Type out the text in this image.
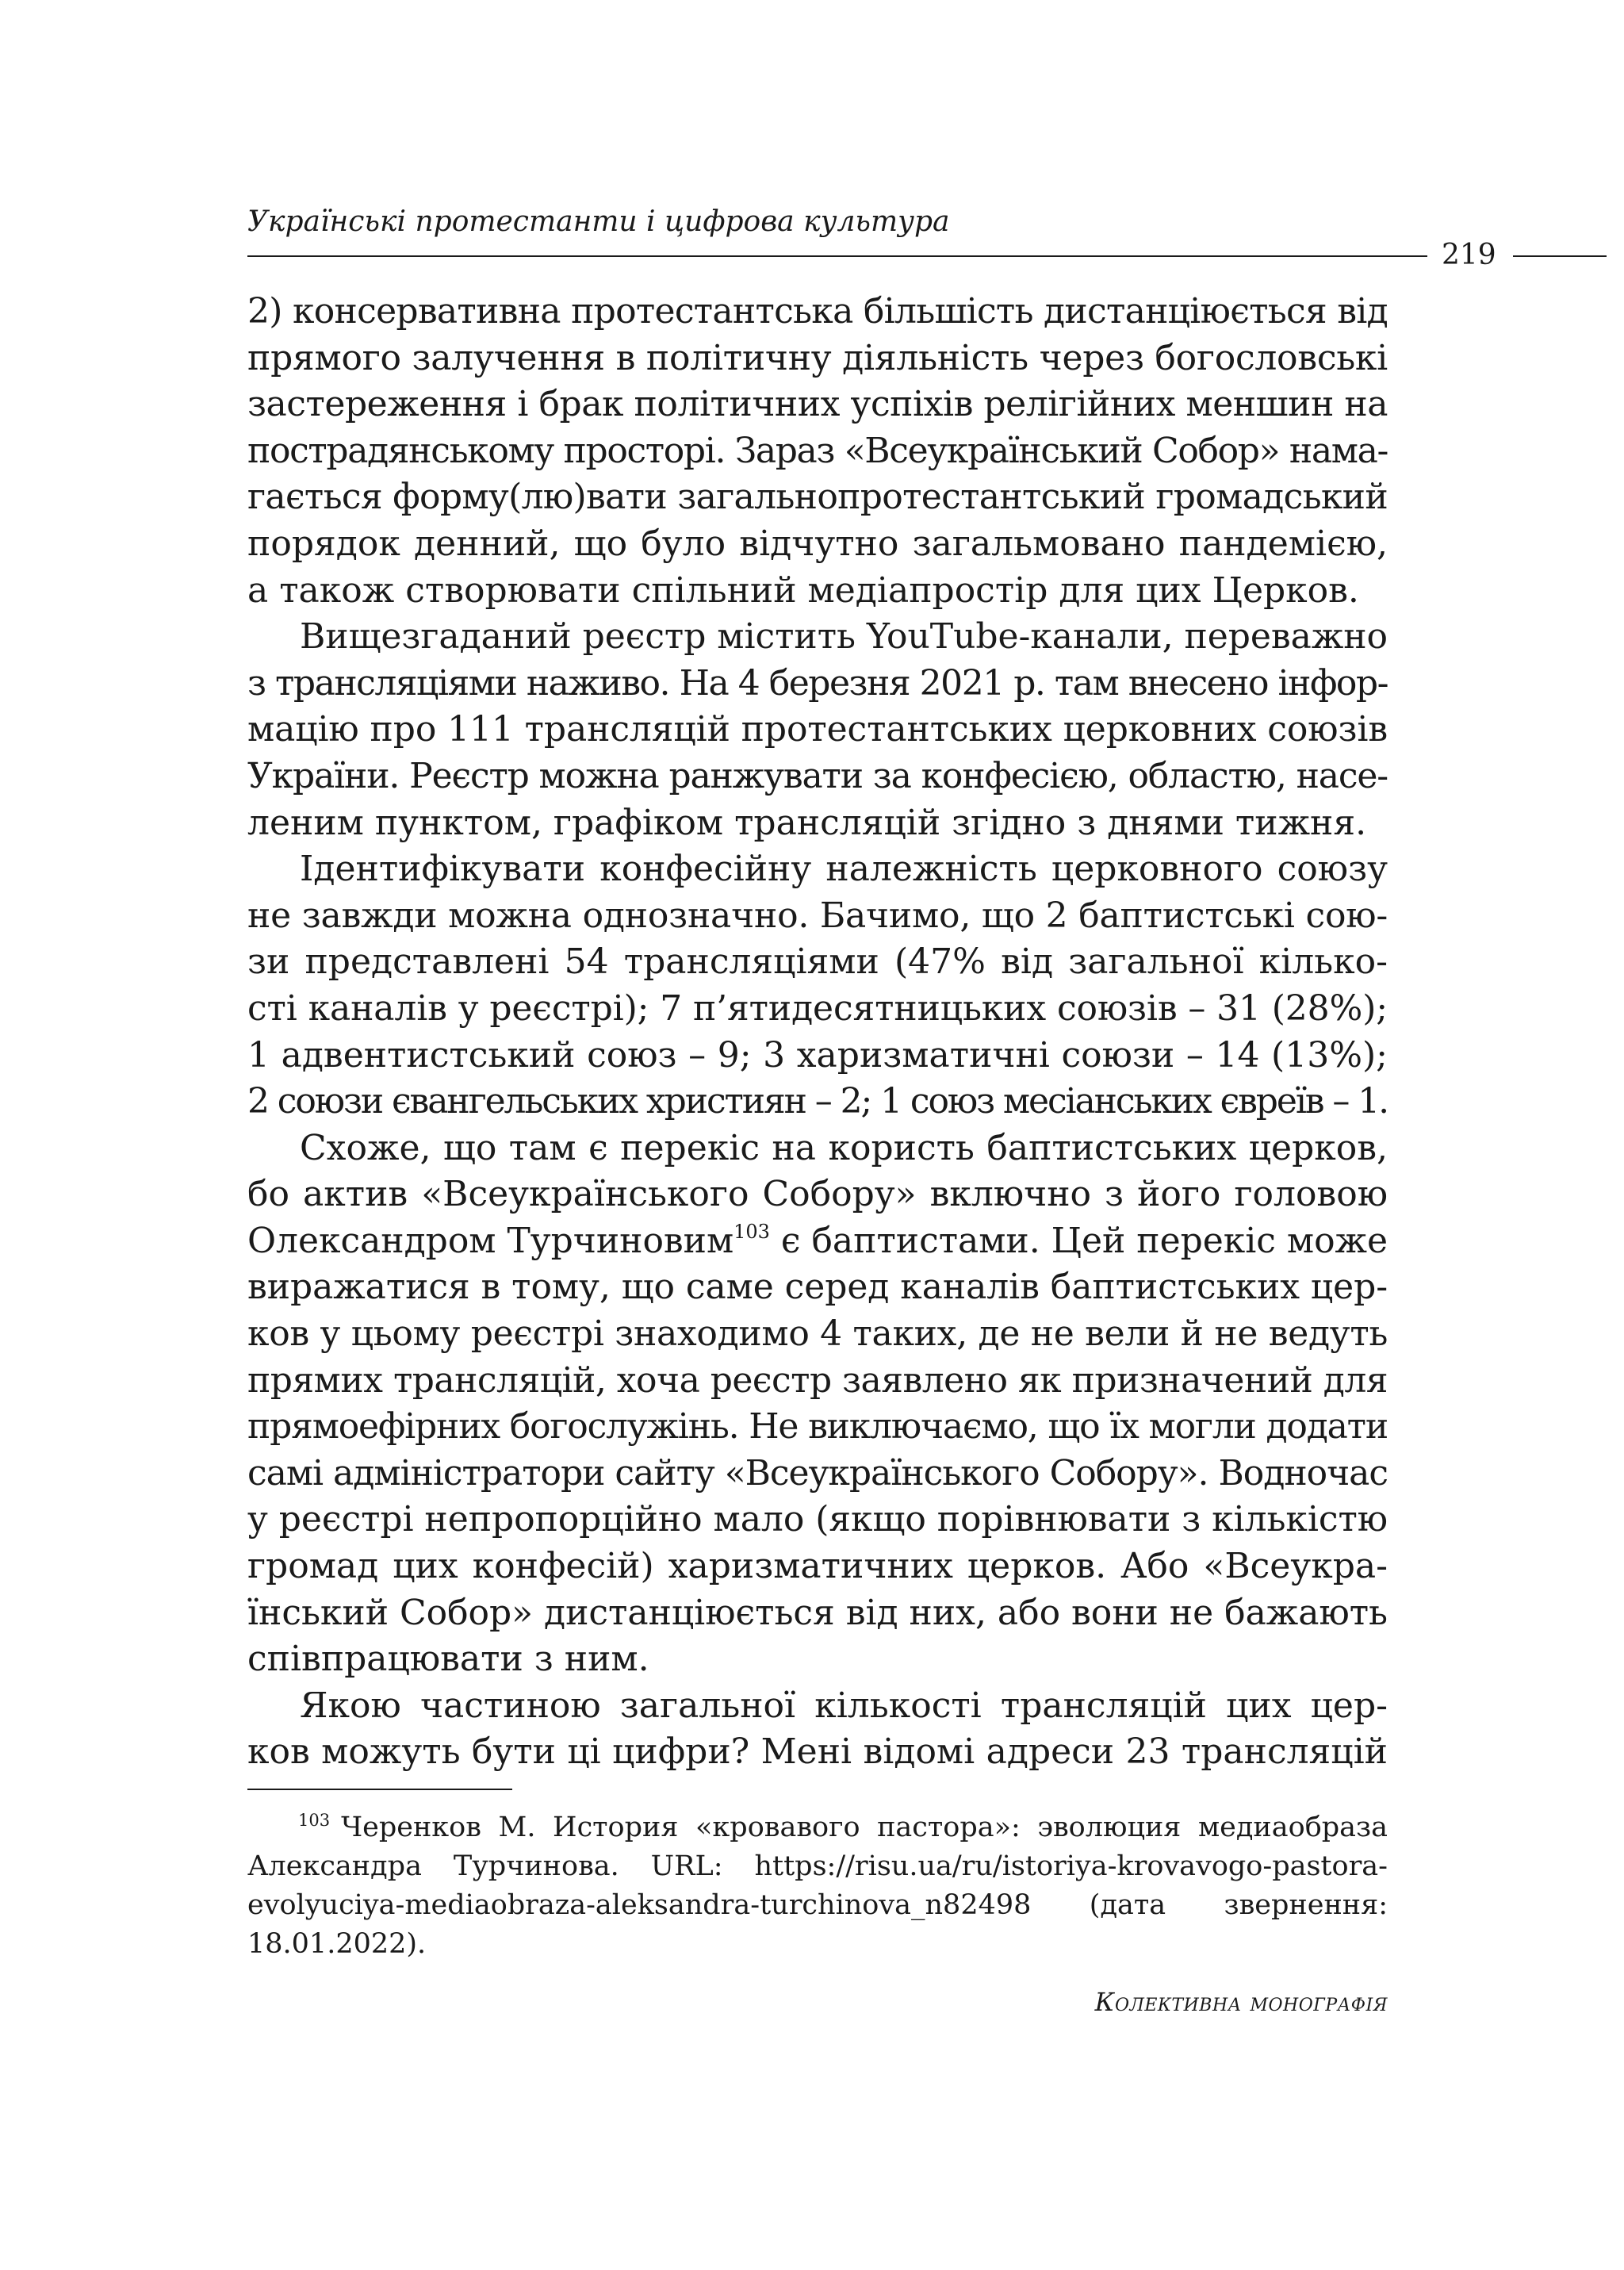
Українські протестанти і цифрова культура
219

2) консервативна протестантська більшість дистанціюється від
прямого залучення в політичну діяльність через богословські
застереження і брак політичних успіхів релігійних меншин на
пострадянському просторі. Зараз «Всеукраїнський Собор» нама-
гається форму(лю)вати загальнопротестантський громадський
порядок денний, що було відчутно загальмовано пандемією,
а також створювати спільний медіапростір для цих Церков.

Вищезгаданий реєстр містить YouTube-канали, переважно
з трансляціями наживо. На 4 березня 2021 р. там внесено інфор-
мацію про 111 трансляцій протестантських церковних союзів
України. Реєстр можна ранжувати за конфесією, областю, насе-
леним пунктом, графіком трансляцій згідно з днями тижня.

Ідентифікувати конфесійну належність церковного союзу
не завжди можна однозначно. Бачимо, що 2 баптистські сою-
зи представлені 54 трансляціями (47% від загальної кількo-
сті каналів у реєстрі); 7 п’ятидесятницьких союзів – 31 (28%);
1 адвентистський союз – 9; 3 харизматичні союзи – 14 (13%);
2 союзи євангельських християн – 2; 1 союз месіанських євреїв – 1.

Схоже, що там є перекіс на користь баптистських церков,
бо актив «Всеукраїнського Собору» включно з його головою
Олександром Турчиновим$^{103}$ є баптистами. Цей перекіс може
виражатися в тому, що саме серед каналів баптистських цер-
ков у цьому реєстрі знаходимо 4 таких, де не вели й не ведуть
прямих трансляцій, хоча реєстр заявлено як призначений для
прямоефірних богослужінь. Не виключаємо, що їх могли додати
самі адміністратори сайту «Всеукраїнського Собору». Водночас
у реєстрі непропорційно мало (якщо порівнювати з кількістю
громад цих конфесій) харизматичних церков. Або «Всеукра-
їнський Собор» дистанціюється від них, або вони не бажають
співпрацювати з ним.

Якою частиною загальної кількості трансляцій цих цер-
ков можуть бути ці цифри? Мені відомі адреси 23 трансляцій

$^{103}$ Черенков М. История «кровавого пастора»: эволюция медиаобраза
Александра Турчинова. URL: https://risu.ua/ru/istoriya-krovavogo-pastora-
evolyuciya-mediaobraza-aleksandra-turchinova_n82498 (дата звернення:
18.01.2022).
Колективна монографія
